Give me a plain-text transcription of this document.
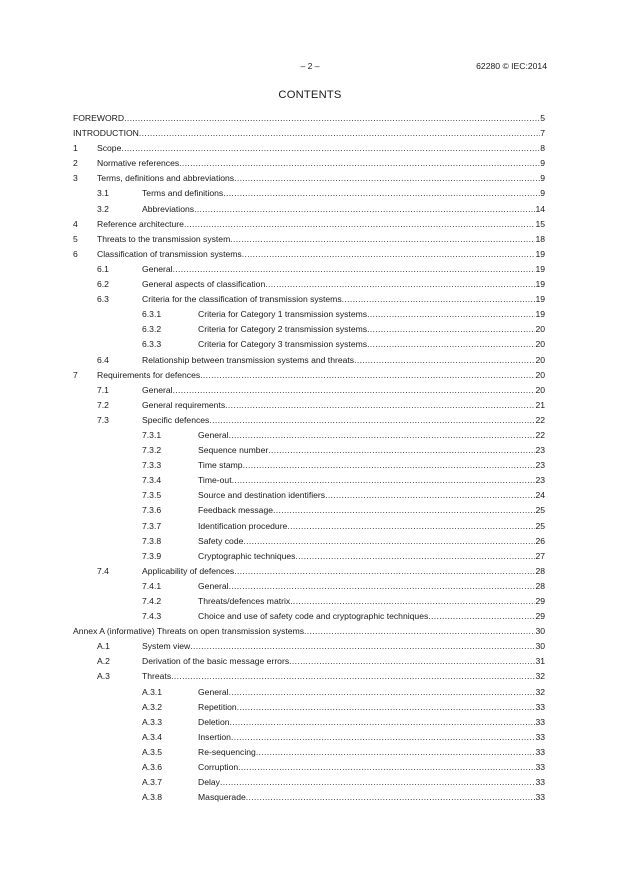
– 2 –	62280 © IEC:2014
CONTENTS
FOREWORD .....	5
INTRODUCTION .....	7
1 Scope .....	8
2 Normative references .....	9
3 Terms, definitions and abbreviations .....	9
3.1	Terms and definitions .....	9
3.2	Abbreviations .....	14
4 Reference architecture .....	15
5 Threats to the transmission system .....	18
6 Classification of transmission systems .....	19
6.1	General .....	19
6.2	General aspects of classification .....	19
6.3	Criteria for the classification of transmission systems .....	19
6.3.1	Criteria for Category 1 transmission systems .....	19
6.3.2	Criteria for Category 2 transmission systems .....	20
6.3.3	Criteria for Category 3 transmission systems .....	20
6.4	Relationship between transmission systems and threats .....	20
7 Requirements for defences .....	20
7.1	General .....	20
7.2	General requirements .....	21
7.3	Specific defences .....	22
7.3.1	General .....	22
7.3.2	Sequence number .....	23
7.3.3	Time stamp .....	23
7.3.4	Time-out .....	23
7.3.5	Source and destination identifiers .....	24
7.3.6	Feedback message .....	25
7.3.7	Identification procedure .....	25
7.3.8	Safety code .....	26
7.3.9	Cryptographic techniques .....	27
7.4	Applicability of defences .....	28
7.4.1	General .....	28
7.4.2	Threats/defences matrix .....	29
7.4.3	Choice and use of safety code and cryptographic techniques .....	29
Annex A (informative) Threats on open transmission systems .....	30
A.1	System view .....	30
A.2	Derivation of the basic message errors .....	31
A.3	Threats .....	32
A.3.1	General .....	32
A.3.2	Repetition .....	33
A.3.3	Deletion .....	33
A.3.4	Insertion .....	33
A.3.5	Re-sequencing .....	33
A.3.6	Corruption .....	33
A.3.7	Delay .....	33
A.3.8	Masquerade .....	33
